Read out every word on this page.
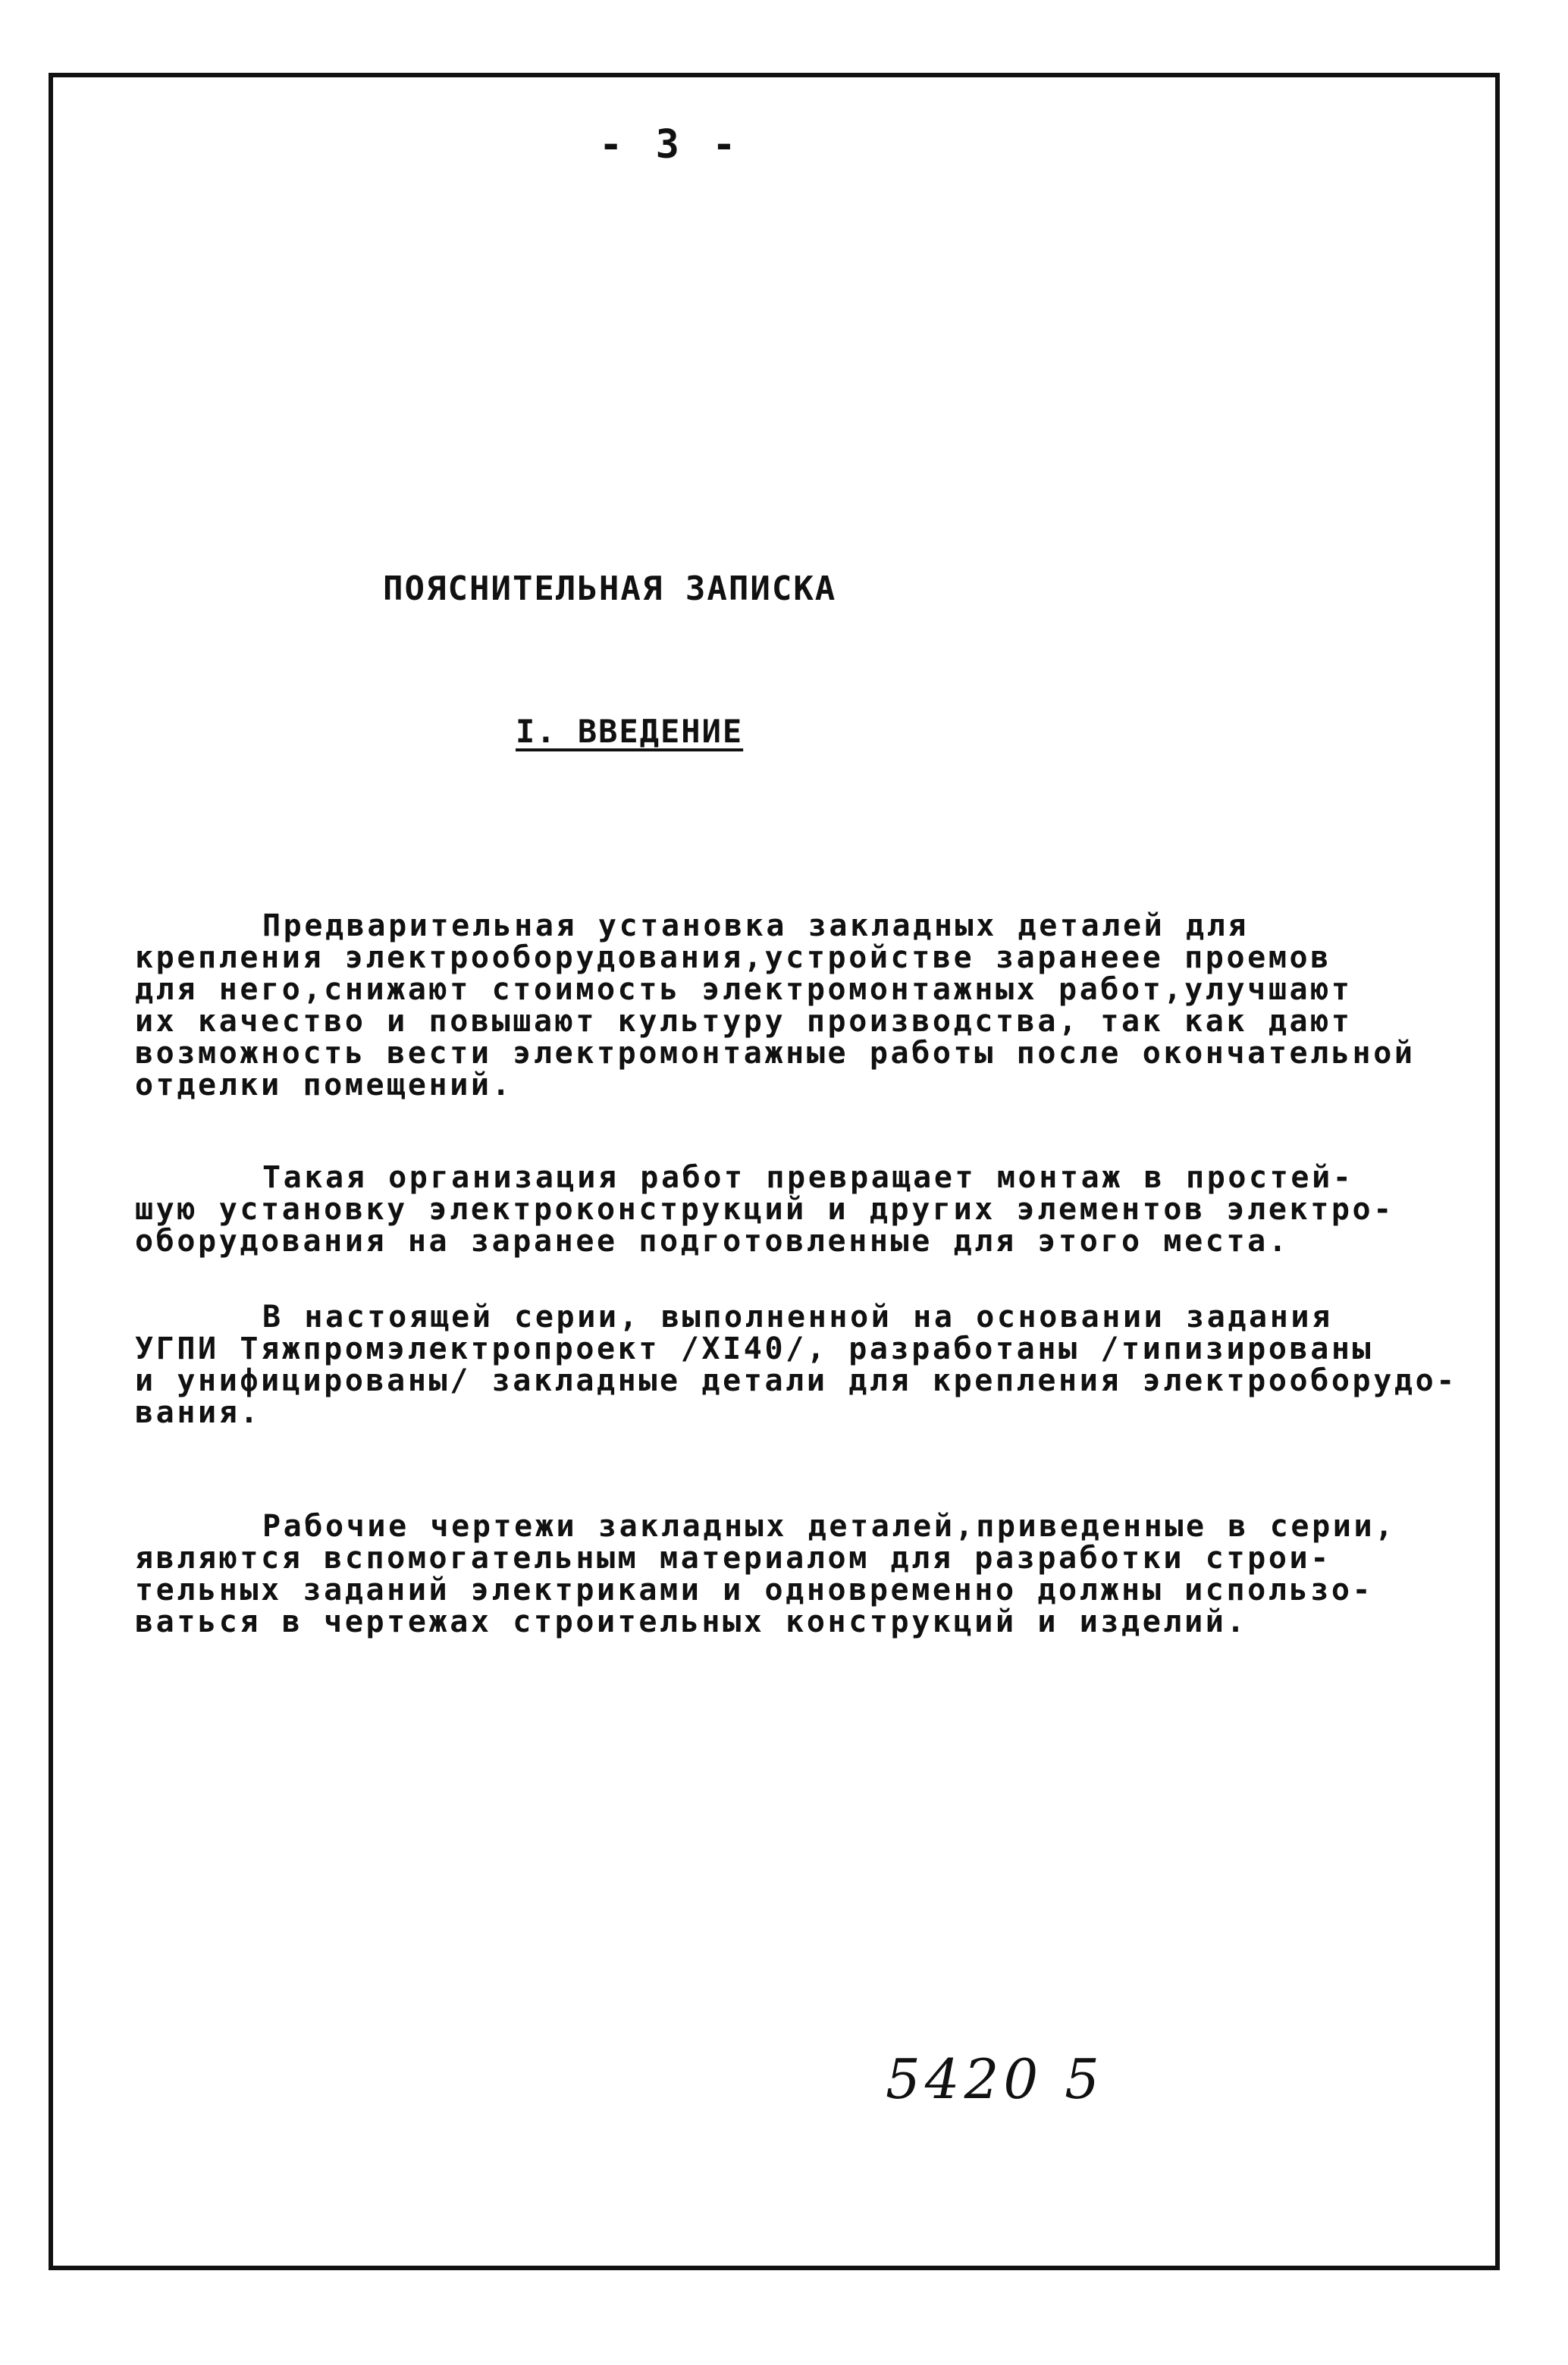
- 3 -
ПОЯСНИТЕЛЬНАЯ ЗАПИСКА
I. ВВЕДЕНИЕ
Предварительная установка закладных деталей для
крепления электрооборудования,устройстве заранеее проемов
для него,снижают стоимость электромонтажных работ,улучшают
их качество и повышают культуру производства, так как дают
возможность вести электромонтажные работы после окончательной
отделки помещений.
Такая организация работ превращает монтаж в простей-
шую установку электроконструкций и других элементов электро-
оборудования на заранее подготовленные для этого места.
В настоящей серии, выполненной на основании задания
УГПИ Тяжпромэлектропроект /XI40/, разработаны /типизированы
и унифицированы/ закладные детали для крепления электрооборудо-
вания.
Рабочие чертежи закладных деталей,приведенные в серии,
являются вспомогательным материалом для разработки строи-
тельных заданий электриками и одновременно должны использо-
ваться в чертежах строительных конструкций и изделий.
5420 5
